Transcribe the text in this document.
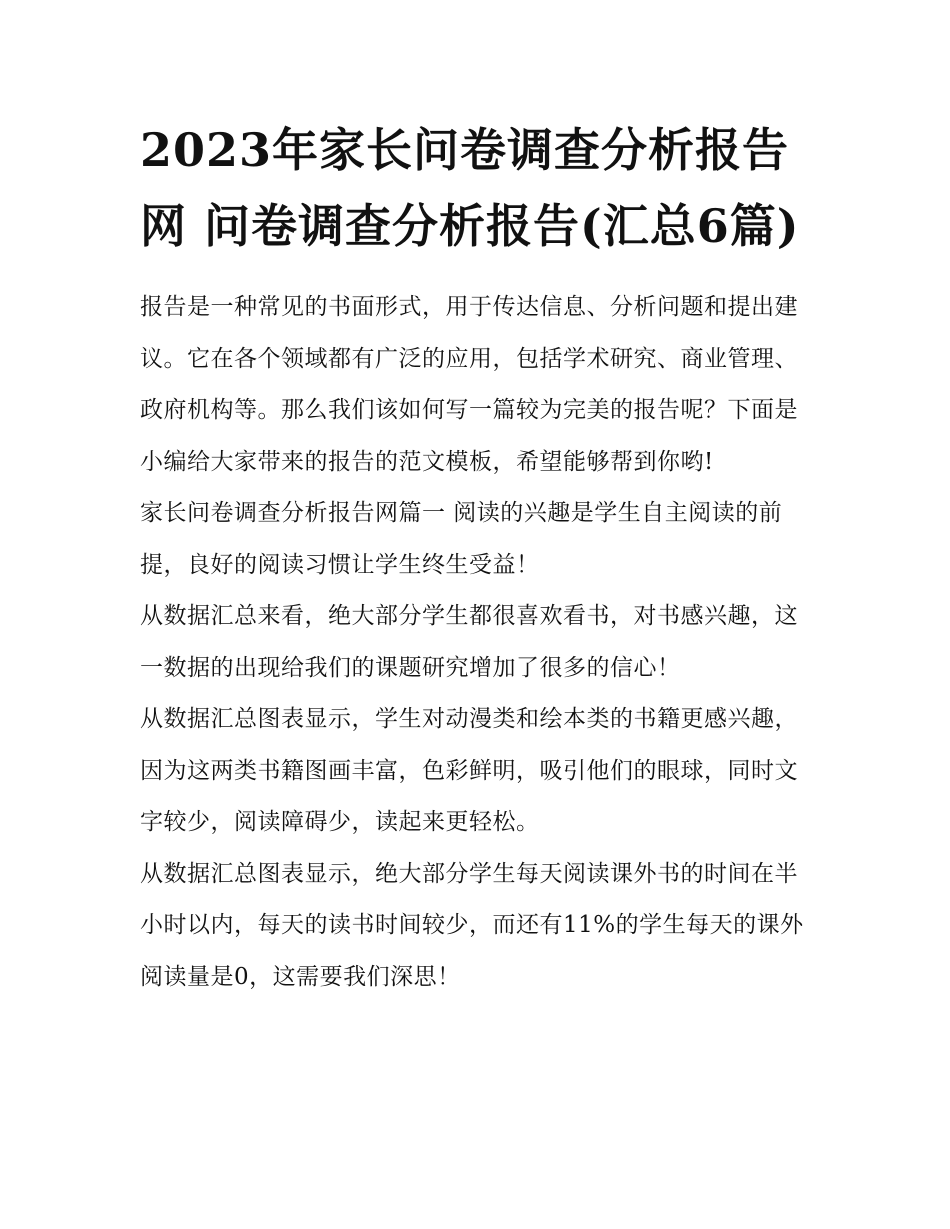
2023年家长问卷调查分析报告网 问卷调查分析报告(汇总6篇)

报告是一种常见的书面形式，用于传达信息、分析问题和提出建议。它在各个领域都有广泛的应用，包括学术研究、商业管理、政府机构等。那么我们该如何写一篇较为完美的报告呢？下面是小编给大家带来的报告的范文模板，希望能够帮到你哟!

家长问卷调查分析报告网篇一 阅读的兴趣是学生自主阅读的前提，良好的阅读习惯让学生终生受益！

从数据汇总来看，绝大部分学生都很喜欢看书，对书感兴趣，这一数据的出现给我们的课题研究增加了很多的信心！

从数据汇总图表显示，学生对动漫类和绘本类的书籍更感兴趣，因为这两类书籍图画丰富，色彩鲜明，吸引他们的眼球，同时文字较少，阅读障碍少，读起来更轻松。

从数据汇总图表显示，绝大部分学生每天阅读课外书的时间在半小时以内，每天的读书时间较少，而还有11%的学生每天的课外阅读量是0，这需要我们深思！
